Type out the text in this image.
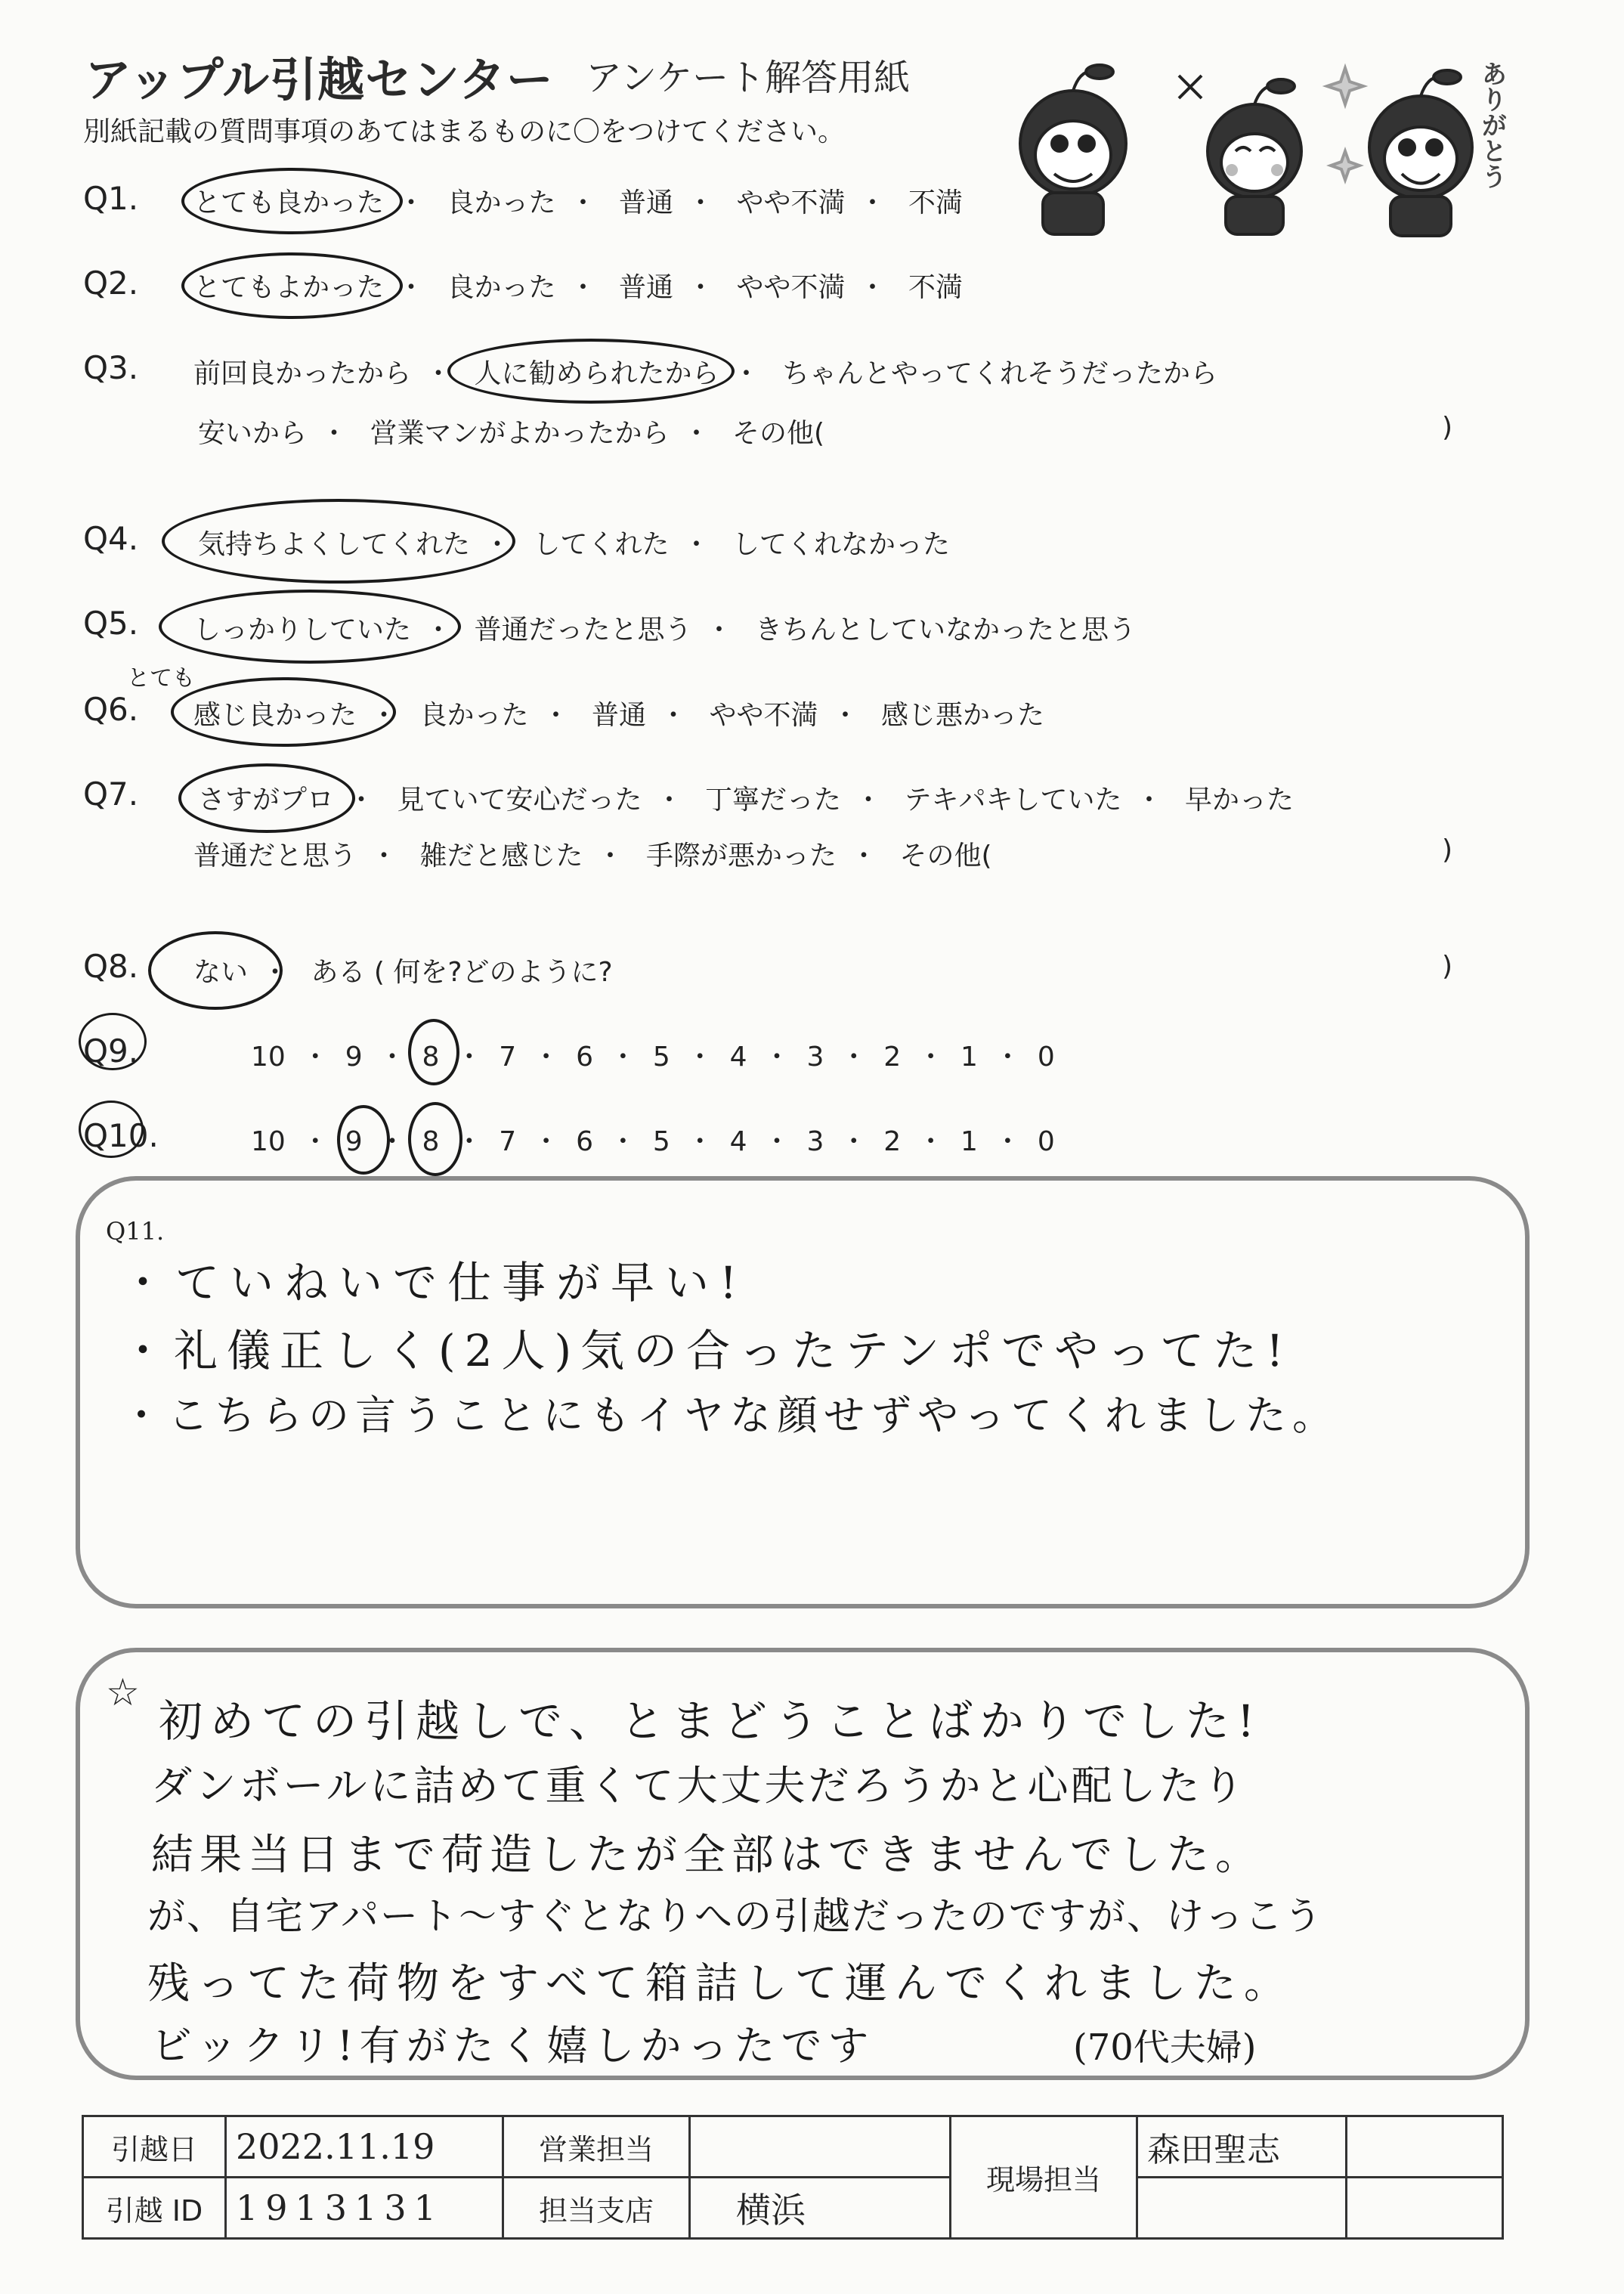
アップル引越センター アンケート解答用紙
別紙記載の質問事項のあてはまるものに〇をつけてください。	ありがとう
Q1. とても良かった ・ 良かった ・ 普通 ・ やや不満 ・ 不満
Q2. とてもよかった ・ 良かった ・ 普通 ・ やや不満 ・ 不満
Q3. 前回良かったから ・ 人に勧められたから ・ ちゃんとやってくれそうだったから
安いから ・ 営業マンがよかったから ・ その他(	)
Q4. 気持ちよくしてくれた ・ してくれた ・ してくれなかった
Q5. しっかりしていた ・ 普通だったと思う ・ きちんとしていなかったと思う
とても
Q6. 感じ良かった ・ 良かった ・ 普通 ・ やや不満 ・ 感じ悪かった
Q7. さすがプロ ・ 見ていて安心だった ・ 丁寧だった ・ テキパキしていた ・ 早かった
普通だと思う ・ 雑だと感じた ・ 手際が悪かった ・ その他(	)
Q8. ない ・ ある ( 何を?どのように?	)
Q9.	10 ・ 9 ・ 8 ・ 7 ・ 6 ・ 5 ・ 4 ・ 3 ・ 2 ・ 1 ・ 0
Q10.	10 ・ 9 ・ 8 ・ 7 ・ 6 ・ 5 ・ 4 ・ 3 ・ 2 ・ 1 ・ 0
Q11.
・ていねいで仕事が早い!
・礼儀正しく(2人)気の合ったテンポでやってた!
・こちらの言うことにもイヤな顔せずやってくれました。
☆
初めての引越しで、とまどうことばかりでした!
ダンボールに詰めて重くて大丈夫だろうかと心配したり
結果当日まで荷造したが全部はできませんでした。
が、自宅アパート〜すぐとなりへの引越だったのですが、けっこう
残ってた荷物をすべて箱詰して運んでくれました。
ビックリ!有がたく嬉しかったです	(70代夫婦)
引越日	2022.11.19	営業担当		現場担当	森田聖志	
引越 ID	1913131	担当支店	横浜			
